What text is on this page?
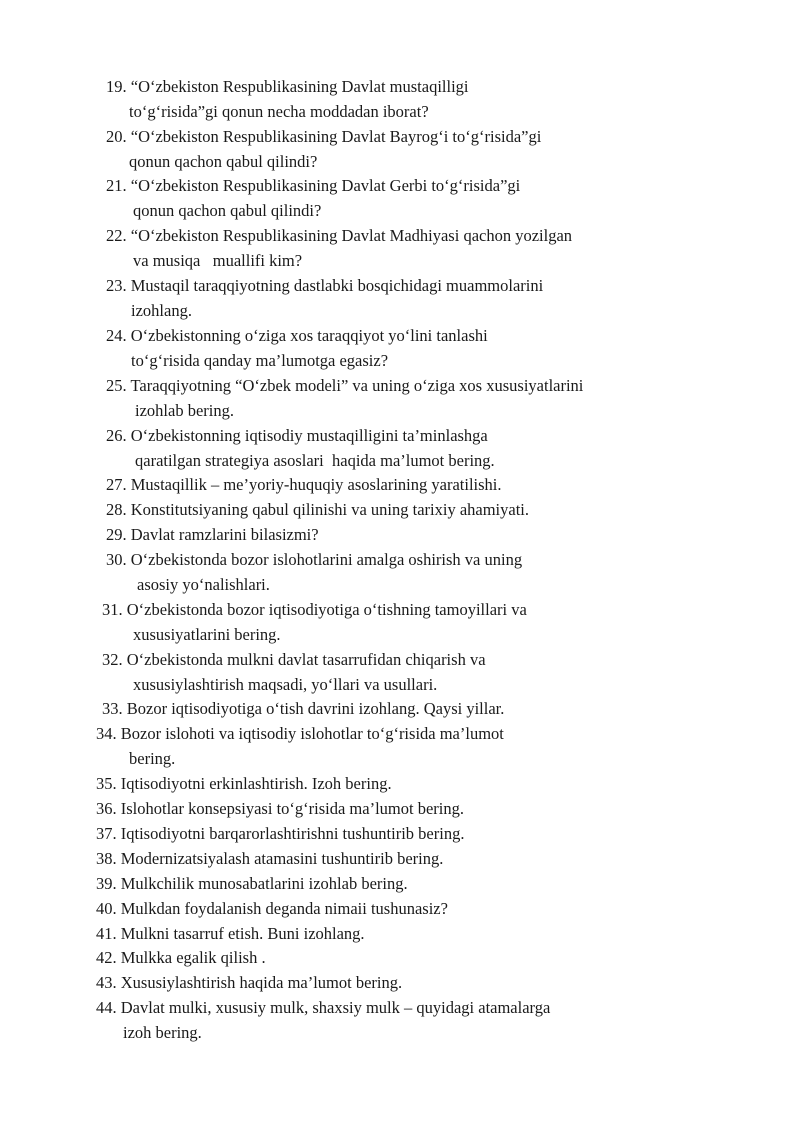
19. “O‘zbekiston Respublikasining Davlat mustaqilligi
to‘g‘risida”gi qonun necha moddadan iborat?
20. “O‘zbekiston Respublikasining Davlat Bayrog‘i to‘g‘risida”gi
qonun qachon qabul qilindi?
21. “O‘zbekiston Respublikasining Davlat Gerbi to‘g‘risida”gi
qonun qachon qabul qilindi?
22. “O‘zbekiston Respublikasining Davlat Madhiyasi qachon yozilgan
va musiqa   muallifi kim?
23. Mustaqil taraqqiyotning dastlabki bosqichidagi muammolarini
izohlang.
24. O‘zbekistonning o‘ziga xos taraqqiyot yo‘lini tanlashi
to‘g‘risida qanday ma’lumotga egasiz?
25. Taraqqiyotning “O‘zbek modeli” va uning o‘ziga xos xususiyatlarini
izohlab bering.
26. O‘zbekistonning iqtisodiy mustaqilligini ta’minlashga
qaratilgan strategiya asoslari  haqida ma’lumot bering.
27. Mustaqillik – me’yoriy-huquqiy asoslarining yaratilishi.
28. Konstitutsiyaning qabul qilinishi va uning tarixiy ahamiyati.
29. Davlat ramzlarini bilasizmi?
30. O‘zbekistonda bozor islohotlarini amalga oshirish va uning
asosiy yo‘nalishlari.
31. O‘zbekistonda bozor iqtisodiyotiga o‘tishning tamoyillari va
xususiyatlarini bering.
32. O‘zbekistonda mulkni davlat tasarrufidan chiqarish va
xususiylashtirish maqsadi, yo‘llari va usullari.
33. Bozor iqtisodiyotiga o‘tish davrini izohlang. Qaysi yillar.
34. Bozor islohoti va iqtisodiy islohotlar to‘g‘risida ma’lumot
bering.
35. Iqtisodiyotni erkinlashtirish. Izoh bering.
36. Islohotlar konsepsiyasi to‘g‘risida ma’lumot bering.
37. Iqtisodiyotni barqarorlashtirishni tushuntirib bering.
38. Modernizatsiyalash atamasini tushuntirib bering.
39. Mulkchilik munosabatlarini izohlab bering.
40. Mulkdan foydalanish deganda nimaii tushunasiz?
41. Mulkni tasarruf etish. Buni izohlang.
42. Mulkka egalik qilish .
43. Xususiylashtirish haqida ma’lumot bering.
44. Davlat mulki, xususiy mulk, shaxsiy mulk – quyidagi atamalarga
izoh bering.
